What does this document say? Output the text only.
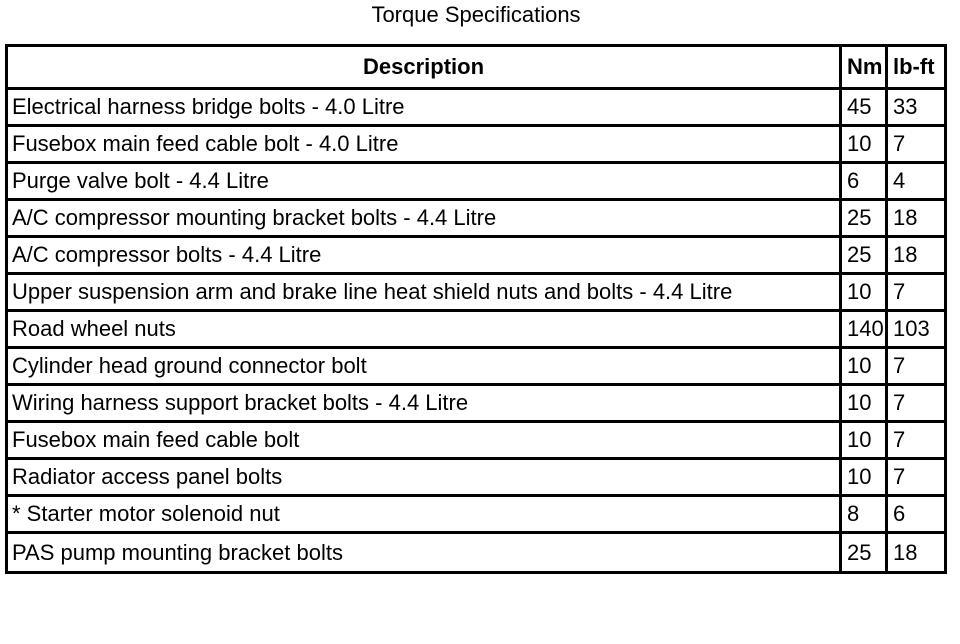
Torque Specifications
Description	Nm	lb-ft
Electrical harness bridge bolts - 4.0 Litre	45	33
Fusebox main feed cable bolt - 4.0 Litre	10	7
Purge valve bolt - 4.4 Litre	6	4
A/C compressor mounting bracket bolts - 4.4 Litre	25	18
A/C compressor bolts - 4.4 Litre	25	18
Upper suspension arm and brake line heat shield nuts and bolts - 4.4 Litre	10	7
Road wheel nuts	140	103
Cylinder head ground connector bolt	10	7
Wiring harness support bracket bolts - 4.4 Litre	10	7
Fusebox main feed cable bolt	10	7
Radiator access panel bolts	10	7
* Starter motor solenoid nut	8	6
PAS pump mounting bracket bolts	25	18
